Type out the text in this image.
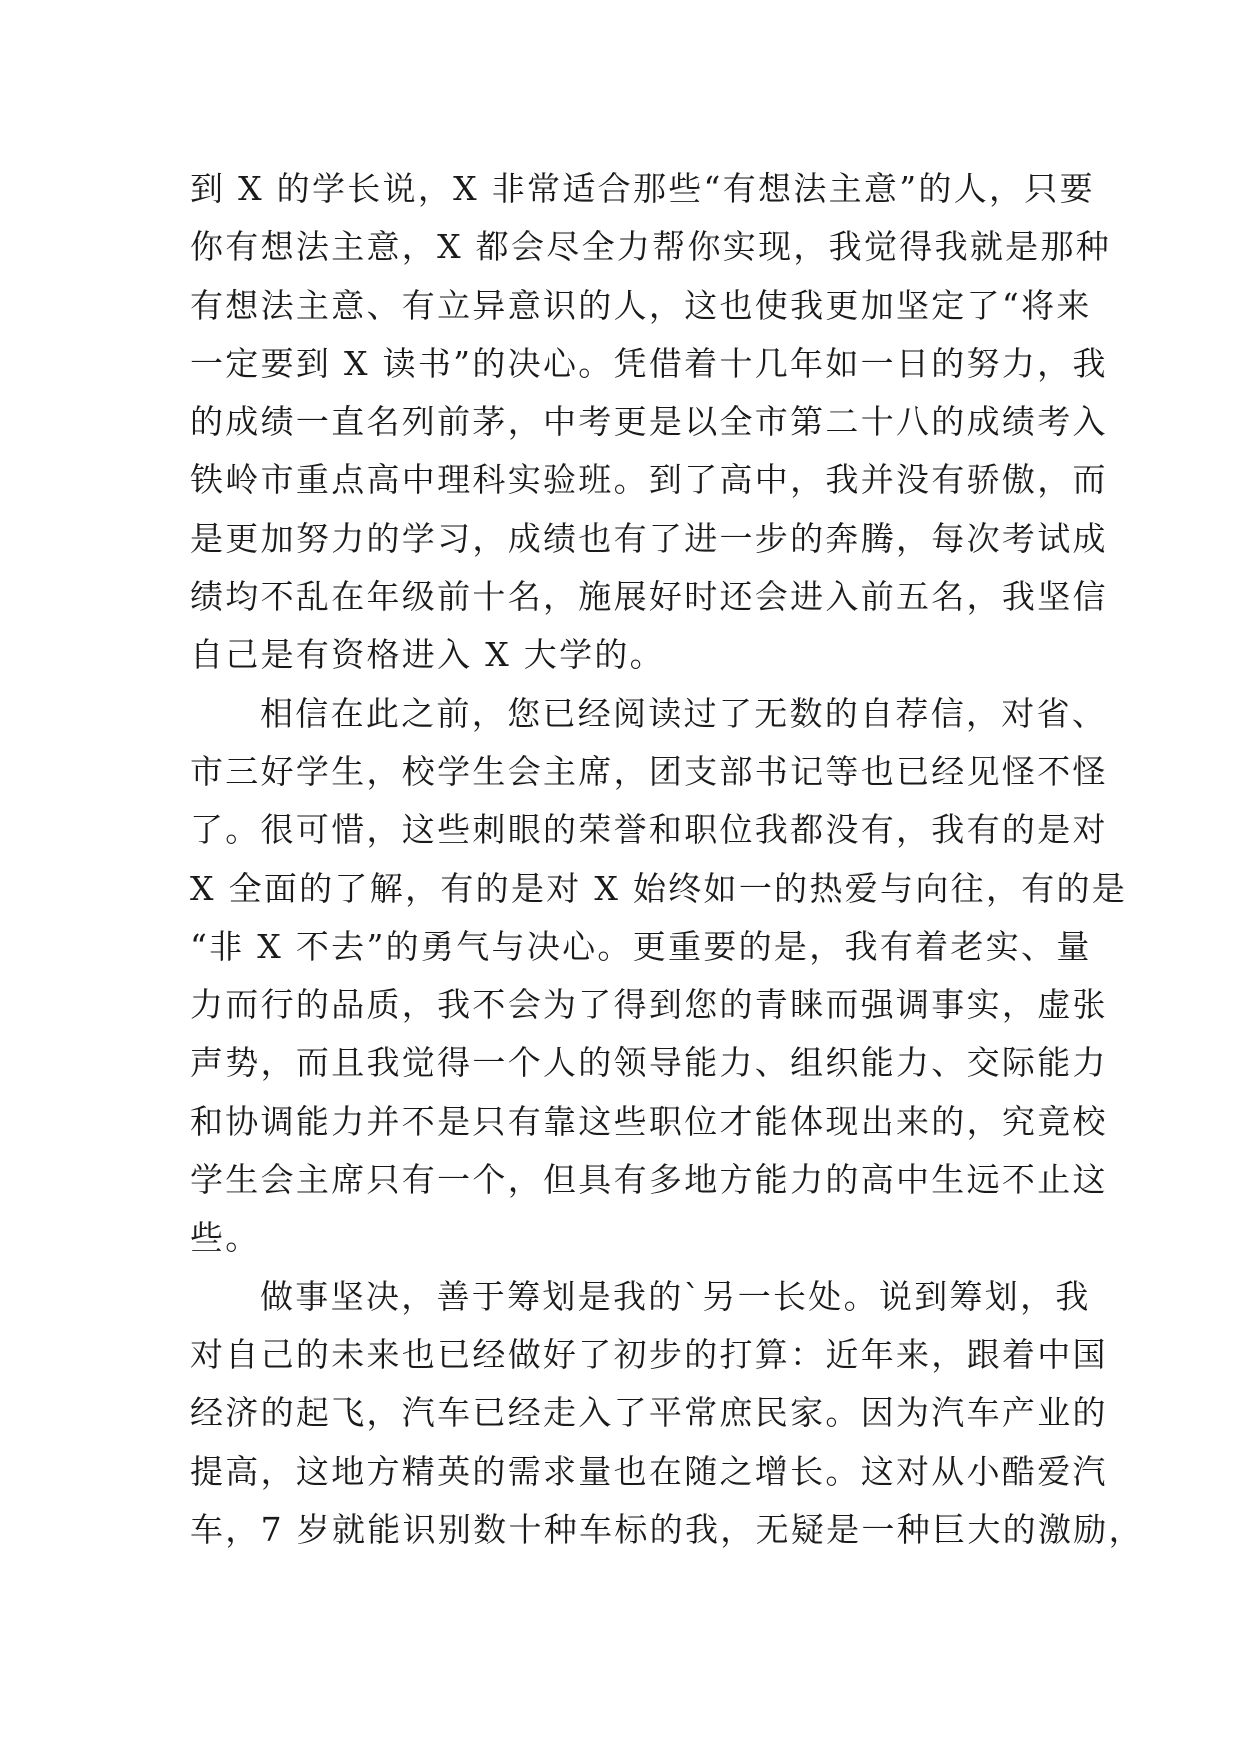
到 X 的学长说，X 非常适合那些“有想法主意”的人，只要
你有想法主意，X 都会尽全力帮你实现，我觉得我就是那种
有想法主意、有立异意识的人，这也使我更加坚定了“将来
一定要到 X 读书”的决心。凭借着十几年如一日的努力，我
的成绩一直名列前茅，中考更是以全市第二十八的成绩考入
铁岭市重点高中理科实验班。到了高中，我并没有骄傲，而
是更加努力的学习，成绩也有了进一步的奔腾，每次考试成
绩均不乱在年级前十名，施展好时还会进入前五名，我坚信
自己是有资格进入 X 大学的。
相信在此之前，您已经阅读过了无数的自荐信，对省、
市三好学生，校学生会主席，团支部书记等也已经见怪不怪
了。很可惜，这些刺眼的荣誉和职位我都没有，我有的是对
X 全面的了解，有的是对 X 始终如一的热爱与向往，有的是
“非 X 不去”的勇气与决心。更重要的是，我有着老实、量
力而行的品质，我不会为了得到您的青睐而强调事实，虚张
声势，而且我觉得一个人的领导能力、组织能力、交际能力
和协调能力并不是只有靠这些职位才能体现出来的，究竟校
学生会主席只有一个，但具有多地方能力的高中生远不止这
些。
做事坚决，善于筹划是我的`另一长处。说到筹划，我
对自己的未来也已经做好了初步的打算：近年来，跟着中国
经济的起飞，汽车已经走入了平常庶民家。因为汽车产业的
提高，这地方精英的需求量也在随之增长。这对从小酷爱汽
车，7 岁就能识别数十种车标的我，无疑是一种巨大的激励，
